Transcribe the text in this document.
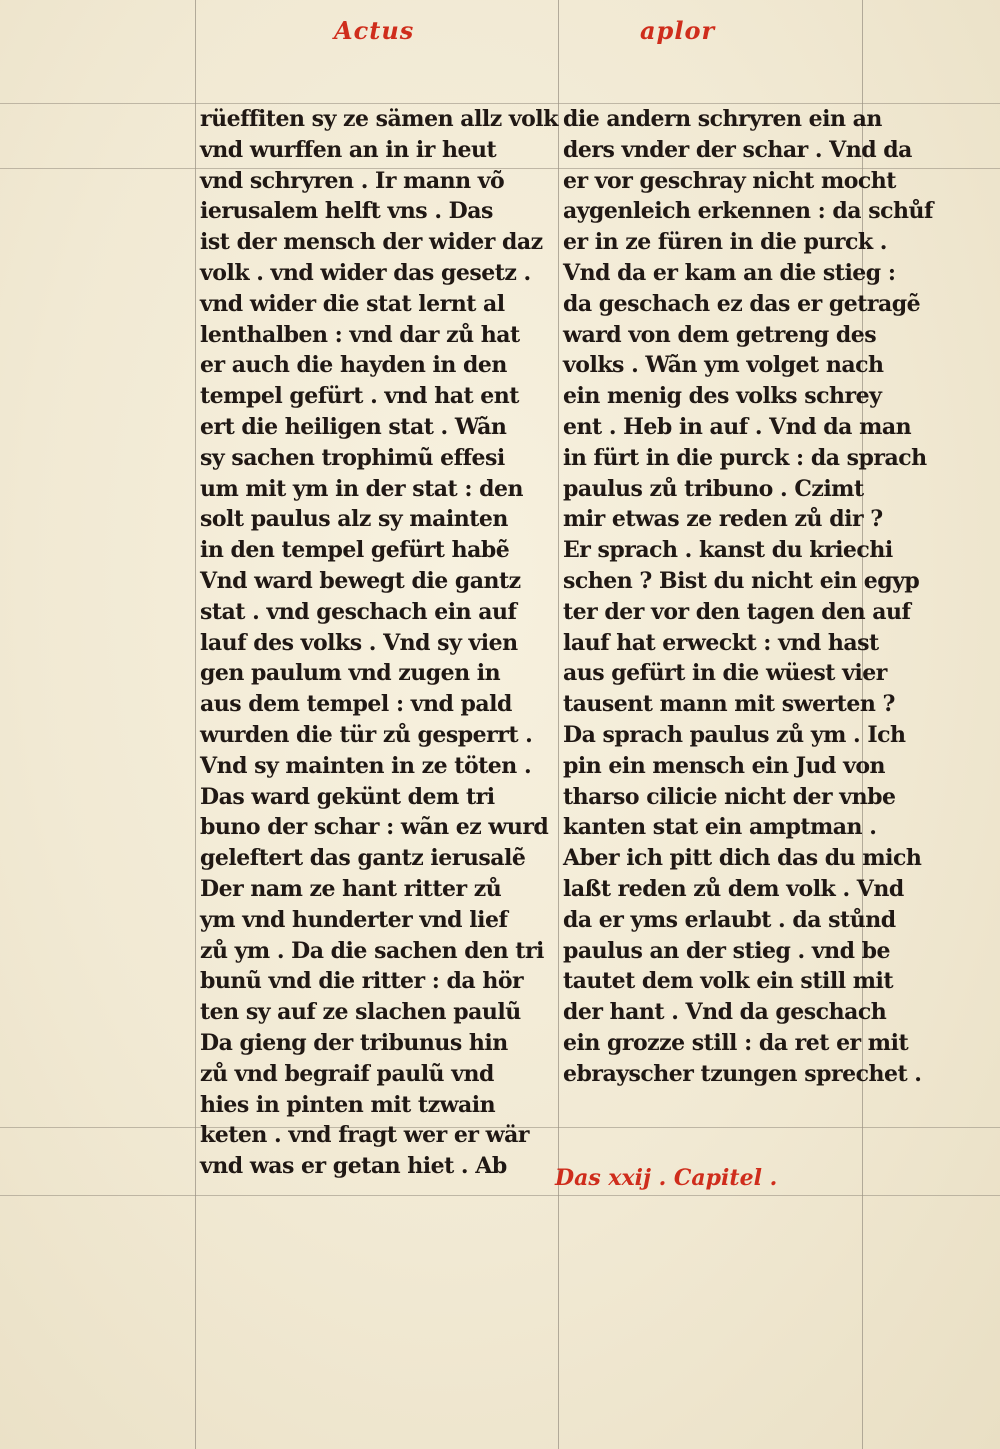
Actus	aplor
rüeffiten sy ze sämen allz volk
vnd wurffen an in ir heut
vnd schryren . Ir mann võ
ierusalem helft vns . Das
ist der mensch der wider daz
volk . vnd wider das gesetz .
vnd wider die stat lernt al
lenthalben : vnd dar zů hat
er auch die hayden in den
tempel gefürt . vnd hat ent
ert die heiligen stat . Wãn
sy sachen trophimũ effesi
um mit ym in der stat : den
solt paulus alz sy mainten
in den tempel gefürt habẽ
Vnd ward bewegt die gantz
stat . vnd geschach ein auf
lauf des volks . Vnd sy vien
gen paulum vnd zugen in
aus dem tempel : vnd pald
wurden die tür zů gesperrt .
Vnd sy mainten in ze töten .
Das ward gekünt dem tri
buno der schar : wãn ez wurd
geleftert das gantz ierusalẽ
Der nam ze hant ritter zů
ym vnd hunderter vnd lief
zů ym . Da die sachen den tri
bunũ vnd die ritter : da hör
ten sy auf ze slachen paulũ
Da gieng der tribunus hin
zů vnd begraif paulũ vnd
hies in pinten mit tzwain
keten . vnd fragt wer er wär
vnd was er getan hiet . Ab
die andern schryren ein an
ders vnder der schar . Vnd da
er vor geschray nicht mocht
aygenleich erkennen : da schůf
er in ze füren in die purck .
Vnd da er kam an die stieg :
da geschach ez das er getragẽ
ward von dem getreng des
volks . Wãn ym volget nach
ein menig des volks schrey
ent . Heb in auf . Vnd da man
in fürt in die purck : da sprach
paulus zů tribuno . Czimt
mir etwas ze reden zů dir ?
Er sprach . kanst du kriechi
schen ? Bist du nicht ein egyp
ter der vor den tagen den auf
lauf hat erweckt : vnd hast
aus gefürt in die wüest vier
tausent mann mit swerten ?
Da sprach paulus zů ym . Ich
pin ein mensch ein Jud von
tharso cilicie nicht der vnbe
kanten stat ein amptman .
Aber ich pitt dich das du mich
laßt reden zů dem volk . Vnd
da er yms erlaubt . da stůnd
paulus an der stieg . vnd be
tautet dem volk ein still mit
der hant . Vnd da geschach
ein grozze still : da ret er mit
ebrayscher tzungen sprechet .
Das xxij . Capitel .
